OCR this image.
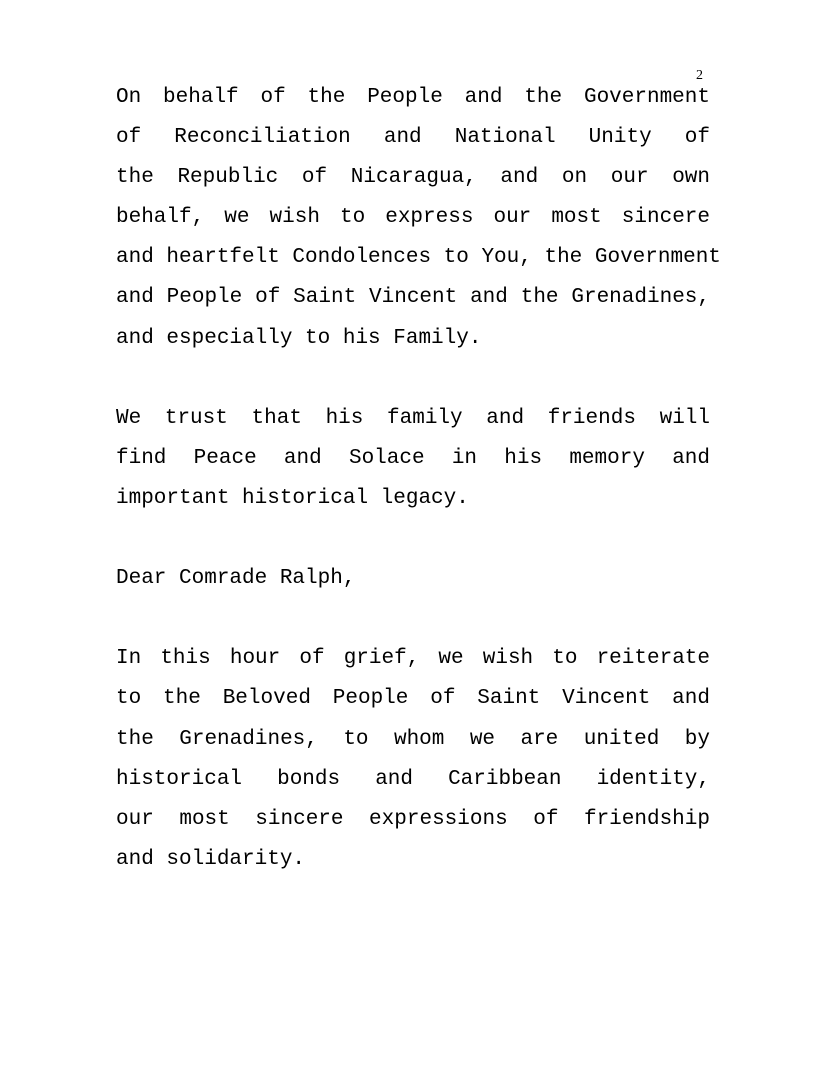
2

On behalf of the People and the Government
of Reconciliation and National Unity of
the Republic of Nicaragua, and on our own
behalf, we wish to express our most sincere
and heartfelt Condolences to You, the Government
and People of Saint Vincent and the Grenadines,
and especially to his Family.

We trust that his family and friends will
find Peace and Solace in his memory and
important historical legacy.

Dear Comrade Ralph,

In this hour of grief, we wish to reiterate
to the Beloved People of Saint Vincent and
the Grenadines, to whom we are united by
historical bonds and Caribbean identity,
our most sincere expressions of friendship
and solidarity.
